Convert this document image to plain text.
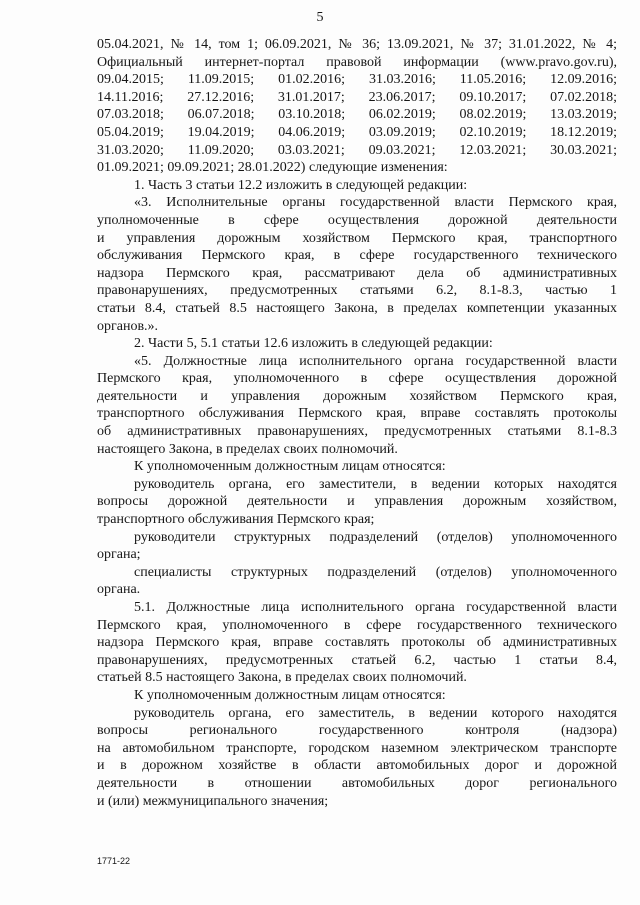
5
05.04.2021, № 14, том 1; 06.09.2021, № 36; 13.09.2021, № 37; 31.01.2022, № 4;
Официальный интернет-портал правовой информации (www.pravo.gov.ru),
09.04.2015; 11.09.2015; 01.02.2016; 31.03.2016; 11.05.2016; 12.09.2016;
14.11.2016; 27.12.2016; 31.01.2017; 23.06.2017; 09.10.2017; 07.02.2018;
07.03.2018; 06.07.2018; 03.10.2018; 06.02.2019; 08.02.2019; 13.03.2019;
05.04.2019; 19.04.2019; 04.06.2019; 03.09.2019; 02.10.2019; 18.12.2019;
31.03.2020; 11.09.2020; 03.03.2021; 09.03.2021; 12.03.2021; 30.03.2021;
01.09.2021; 09.09.2021; 28.01.2022) следующие изменения:
1. Часть 3 статьи 12.2 изложить в следующей редакции:
«3. Исполнительные органы государственной власти Пермского края,
уполномоченные в сфере осуществления дорожной деятельности
и управления дорожным хозяйством Пермского края, транспортного
обслуживания Пермского края, в сфере государственного технического
надзора Пермского края, рассматривают дела об административных
правонарушениях, предусмотренных статьями 6.2, 8.1-8.3, частью 1
статьи 8.4, статьей 8.5 настоящего Закона, в пределах компетенции указанных
органов.».
2. Части 5, 5.1 статьи 12.6 изложить в следующей редакции:
«5. Должностные лица исполнительного органа государственной власти
Пермского края, уполномоченного в сфере осуществления дорожной
деятельности и управления дорожным хозяйством Пермского края,
транспортного обслуживания Пермского края, вправе составлять протоколы
об административных правонарушениях, предусмотренных статьями 8.1-8.3
настоящего Закона, в пределах своих полномочий.
К уполномоченным должностным лицам относятся:
руководитель органа, его заместители, в ведении которых находятся
вопросы дорожной деятельности и управления дорожным хозяйством,
транспортного обслуживания Пермского края;
руководители структурных подразделений (отделов) уполномоченного
органа;
специалисты структурных подразделений (отделов) уполномоченного
органа.
5.1. Должностные лица исполнительного органа государственной власти
Пермского края, уполномоченного в сфере государственного технического
надзора Пермского края, вправе составлять протоколы об административных
правонарушениях, предусмотренных статьей 6.2, частью 1 статьи 8.4,
статьей 8.5 настоящего Закона, в пределах своих полномочий.
К уполномоченным должностным лицам относятся:
руководитель органа, его заместитель, в ведении которого находятся
вопросы регионального государственного контроля (надзора)
на автомобильном транспорте, городском наземном электрическом транспорте
и в дорожном хозяйстве в области автомобильных дорог и дорожной
деятельности в отношении автомобильных дорог регионального
и (или) межмуниципального значения;
1771-22
